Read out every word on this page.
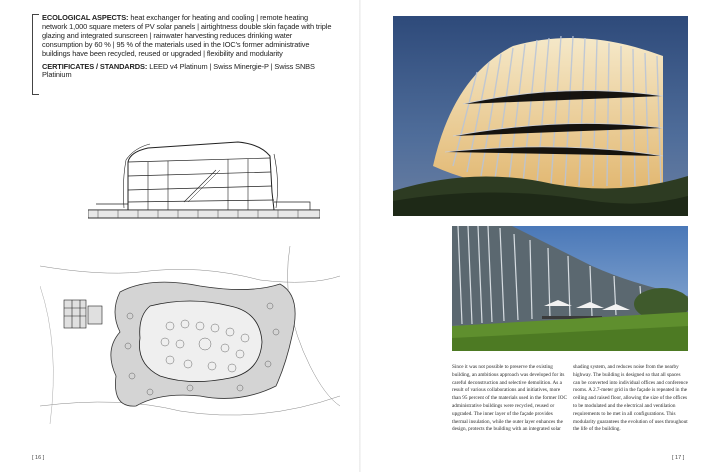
ECOLOGICAL ASPECTS: heat exchanger for heating and cooling | remote heating network 1,000 square meters of PV solar panels | airtightness double skin façade with triple glazing and integrated sunscreen | rainwater harvesting reduces drinking water consumption by 60 % | 95 % of the materials used in the IOC's former administrative buildings have been recycled, reused or upgraded | flexibility and modularity

CERTIFICATES / STANDARDS: LEED v4 Platinum | Swiss Minergie-P | Swiss SNBS Platinium

[ 16 ]
Since it was not possible to preserve the existing building, an ambitious approach was developed for its careful deconstruction and selective demolition. As a result of various collaborations and initiatives, more than 95 percent of the materials used in the former IOC administrative buildings were recycled, reused or upgraded. The inner layer of the façade provides thermal insulation, while the outer layer enhances the design, protects the building with an integrated solar shading system, and reduces noise from the nearby highway. The building is designed so that all spaces can be converted into individual offices and conference rooms. A 2.7-meter grid in the façade is repeated in the ceiling and raised floor, allowing the size of the offices to be modulated and the electrical and ventilation requirements to be met in all configurations. This modularity guarantees the evolution of uses throughout the life of the building.
[ 17 ]
